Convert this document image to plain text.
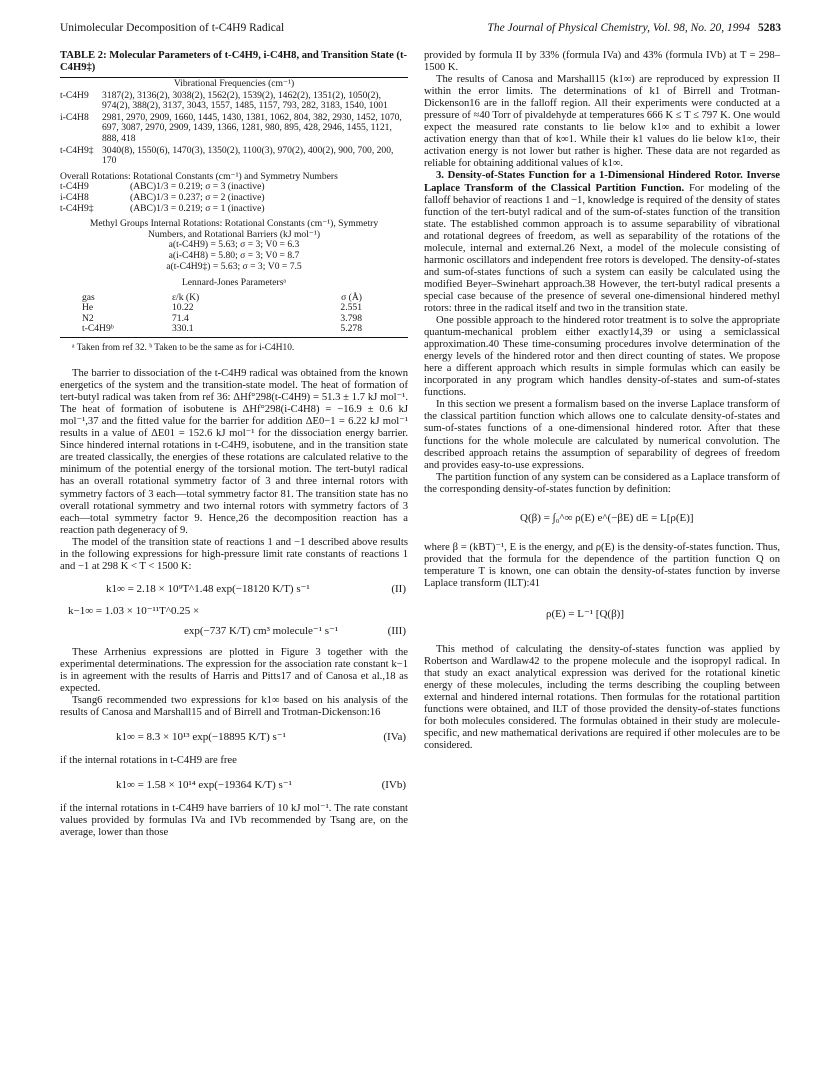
Unimolecular Decomposition of t-C4H9 Radical	The Journal of Physical Chemistry, Vol. 98, No. 20, 1994 5283
TABLE 2: Molecular Parameters of t-C4H9, i-C4H8, and Transition State (t-C4H9‡)
Vibrational Frequencies (cm⁻¹)
t-C4H9	3187(2), 3136(2), 3038(2), 1562(2), 1539(2), 1462(2), 1351(2), 1050(2), 974(2), 388(2), 3137, 3043, 1557, 1485, 1157, 793, 282, 3183, 1540, 1001
i-C4H8	2981, 2970, 2909, 1660, 1445, 1430, 1381, 1062, 804, 382, 2930, 1452, 1070, 697, 3087, 2970, 2909, 1439, 1366, 1281, 980, 895, 428, 2946, 1455, 1121, 888, 418
t-C4H9‡ 3040(8), 1550(6), 1470(3), 1350(2), 1100(3), 970(2), 400(2), 900, 700, 200, 170
Overall Rotations: Rotational Constants (cm⁻¹) and Symmetry Numbers
t-C4H9	(ABC)1/3 = 0.219; σ = 3 (inactive)
i-C4H8	(ABC)1/3 = 0.237; σ = 2 (inactive)
t-C4H9‡	(ABC)1/3 = 0.219; σ = 1 (inactive)
Methyl Groups Internal Rotations: Rotational Constants (cm⁻¹), Symmetry Numbers, and Rotational Barriers (kJ mol⁻¹)
a(t-C4H9) = 5.63; σ = 3; V0 = 6.3
a(i-C4H8) = 5.80; σ = 3; V0 = 8.7
a(t-C4H9‡) = 5.63; σ = 3; V0 = 7.5
Lennard-Jones Parametersᵃ
gas	ε/k (K)	σ (Å)
He	10.22	2.551
N2	71.4	3.798
t-C4H9ᵇ	330.1	5.278
ᵃ Taken from ref 32. ᵇ Taken to be the same as for i-C4H10.

The barrier to dissociation of the t-C4H9 radical was obtained from the known energetics of the system and the transition-state model. The heat of formation of tert-butyl radical was taken from ref 36: ΔHf°298(t-C4H9) = 51.3 ± 1.7 kJ mol⁻¹. The heat of formation of isobutene is ΔHf°298(i-C4H8) = −16.9 ± 0.6 kJ mol⁻¹,37 and the fitted value for the barrier for addition ΔE0−1 = 6.22 kJ mol⁻¹ results in a value of ΔE01 = 152.6 kJ mol⁻¹ for the dissociation energy barrier. Since hindered internal rotations in t-C4H9, isobutene, and in the transition state are treated classically, the energies of these rotations are calculated relative to the minimum of the potential energy of the torsional motion. The tert-butyl radical has an overall rotational symmetry factor of 3 and three internal rotors with symmetry factors of 3 each—total symmetry factor 81. The transition state has no overall rotational symmetry and two internal rotors with symmetry factors of 3 each—total symmetry factor 9. Hence,26 the decomposition reaction has a reaction path degeneracy of 9.

The model of the transition state of reactions 1 and −1 described above results in the following expressions for high-pressure limit rate constants of reactions 1 and −1 at 298 K < T < 1500 K:

k1∞ = 2.18 × 10⁹T^1.48 exp(−18120 K/T) s⁻¹	(II)
k−1∞ = 1.03 × 10⁻¹¹T^0.25 ×
exp(−737 K/T) cm³ molecule⁻¹ s⁻¹	(III)

These Arrhenius expressions are plotted in Figure 3 together with the experimental determinations. The expression for the association rate constant k−1 is in agreement with the results of Harris and Pitts17 and of Canosa et al.,18 as expected.

Tsang6 recommended two expressions for k1∞ based on his analysis of the results of Canosa and Marshall15 and of Birrell and Trotman-Dickenson:16

k1∞ = 8.3 × 10¹³ exp(−18895 K/T) s⁻¹	(IVa)

if the internal rotations in t-C4H9 are free

k1∞ = 1.58 × 10¹⁴ exp(−19364 K/T) s⁻¹	(IVb)

if the internal rotations in t-C4H9 have barriers of 10 kJ mol⁻¹. The rate constant values provided by formulas IVa and IVb recommended by Tsang are, on the average, lower than those

provided by formula II by 33% (formula IVa) and 43% (formula IVb) at T = 298–1500 K.

The results of Canosa and Marshall15 (k1∞) are reproduced by expression II within the error limits. The determinations of k1 of Birrell and Trotman-Dickenson16 are in the falloff region. All their experiments were conducted at a pressure of ≈40 Torr of pivaldehyde at temperatures 666 K ≤ T ≤ 797 K. One would expect the measured rate constants to lie below k1∞ and to exhibit a lower activation energy than that of k∞1. While their k1 values do lie below k1∞, their activation energy is not lower but rather is higher. These data are not regarded as reliable for obtaining additional values of k1∞.

3. Density-of-States Function for a 1-Dimensional Hindered Rotor. Inverse Laplace Transform of the Classical Partition Function. For modeling of the falloff behavior of reactions 1 and −1, knowledge is required of the density of states function of the tert-butyl radical and of the sum-of-states function of the transition state. The established common approach is to assume separability of vibrational and rotational degrees of freedom, as well as separability of the rotations of the molecule, internal and external.26 Next, a model of the molecule consisting of harmonic oscillators and independent free rotors is developed. The density-of-states and sum-of-states functions of such a system can easily be calculated using the modified Beyer–Swinehart approach.38 However, the tert-butyl radical presents a special case because of the presence of several one-dimensional hindered methyl rotors: three in the radical itself and two in the transition state.

One possible approach to the hindered rotor treatment is to solve the appropriate quantum-mechanical problem either exactly14,39 or using a semiclassical approximation.40 These time-consuming procedures involve determination of the energy levels of the hindered rotor and then direct counting of states. We propose here a different approach which results in simple formulas which can easily be incorporated in any program which handles density-of-states and sum-of-states functions.

In this section we present a formalism based on the inverse Laplace transform of the classical partition function which allows one to calculate density-of-states and sum-of-states functions of a one-dimensional hindered rotor. After that these functions for the whole molecule are calculated by numerical convolution. The described approach retains the assumption of separability of degrees of freedom and provides easy-to-use expressions.

The partition function of any system can be considered as a Laplace transform of the corresponding density-of-states function by definition:

Q(β) = ∫₀^∞ ρ(E) e^(−βE) dE = L[ρ(E)]

where β = (kBT)⁻¹, E is the energy, and ρ(E) is the density-of-states function. Thus, provided that the formula for the dependence of the partition function Q on temperature T is known, one can obtain the density-of-states function by inverse Laplace transform (ILT):41

ρ(E) = L⁻¹ [Q(β)]

This method of calculating the density-of-states function was applied by Robertson and Wardlaw42 to the propene molecule and the isopropyl radical. In that study an exact analytical expression was derived for the rotational kinetic energy of these molecules, including the terms describing the coupling between external and hindered internal rotations. Then formulas for the rotational partition functions were obtained, and ILT of those provided the density-of-states functions for both molecules considered. The formulas obtained in their study are molecule-specific, and new mathematical derivations are required if other molecules are to be considered.
